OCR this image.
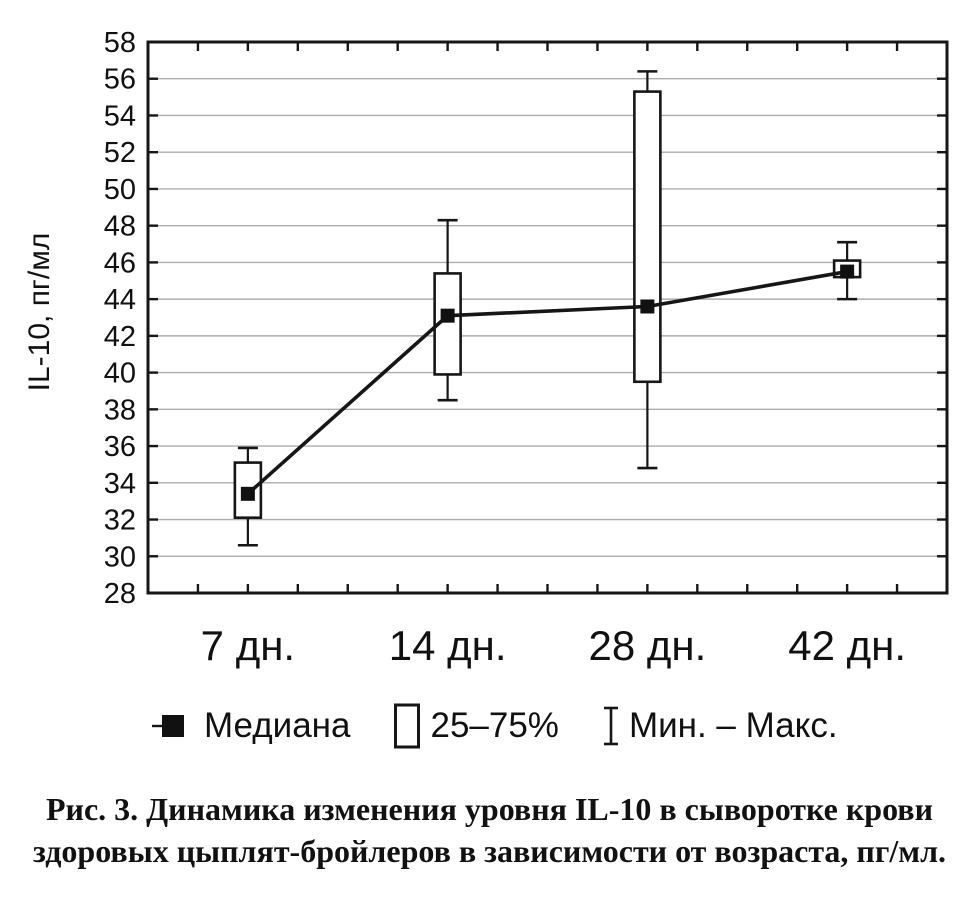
7 дн. 14 дн. 28 дн. 42 дн.
28
30
32
34
36
38
40
42
44
46
48
50
52
54
56
58
IL-10, пг/мл
Медиана 25–75% Мин. – Макс.
Рис. 3. Динамика изменения уровня IL-10 в сыворотке крови
здоровых цыплят-бройлеров в зависимости от возраста, пг/мл.
